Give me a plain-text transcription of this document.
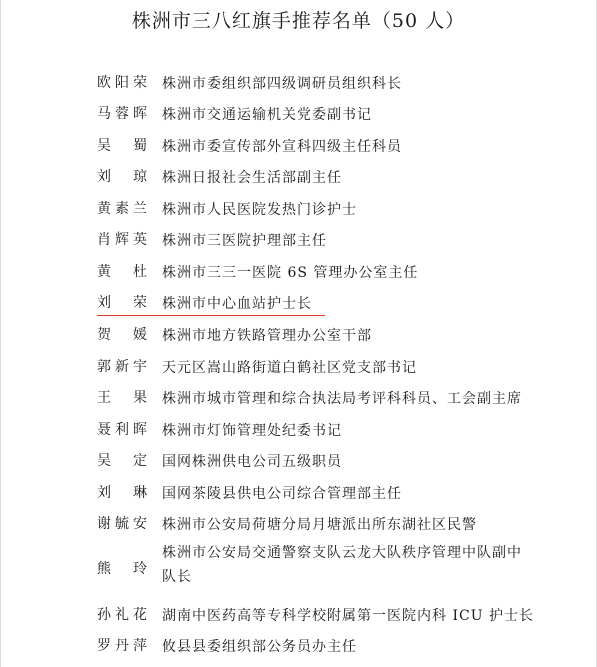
株洲市三八红旗手推荐名单（50 人）
欧 阳 荣 株洲市委组织部四级调研员组织科长
马 蓉 晖 株洲市交通运输机关党委副书记
吴 蜀 株洲市委宣传部外宣科四级主任科员
刘 琼 株洲日报社会生活部副主任
黄 素 兰 株洲市人民医院发热门诊护士
肖 辉 英 株洲市三医院护理部主任
黄 杜 株洲市三三一医院 6S 管理办公室主任
刘 荣 株洲市中心血站护士长
贺 媛 株洲市地方铁路管理办公室干部
郭 新 宇 天元区嵩山路街道白鹤社区党支部书记
王 果 株洲市城市管理和综合执法局考评科科员、工会副主席
聂 利 晖 株洲市灯饰管理处纪委书记
吴 定 国网株洲供电公司五级职员
刘 琳 国网茶陵县供电公司综合管理部主任
谢 毓 安 株洲市公安局荷塘分局月塘派出所东湖社区民警
熊 玲
株洲市公安局交通警察支队云龙大队秩序管理中队副中队长
孙 礼 花 湖南中医药高等专科学校附属第一医院内科 ICU 护士长
罗 丹 萍 攸县县委组织部公务员办主任
